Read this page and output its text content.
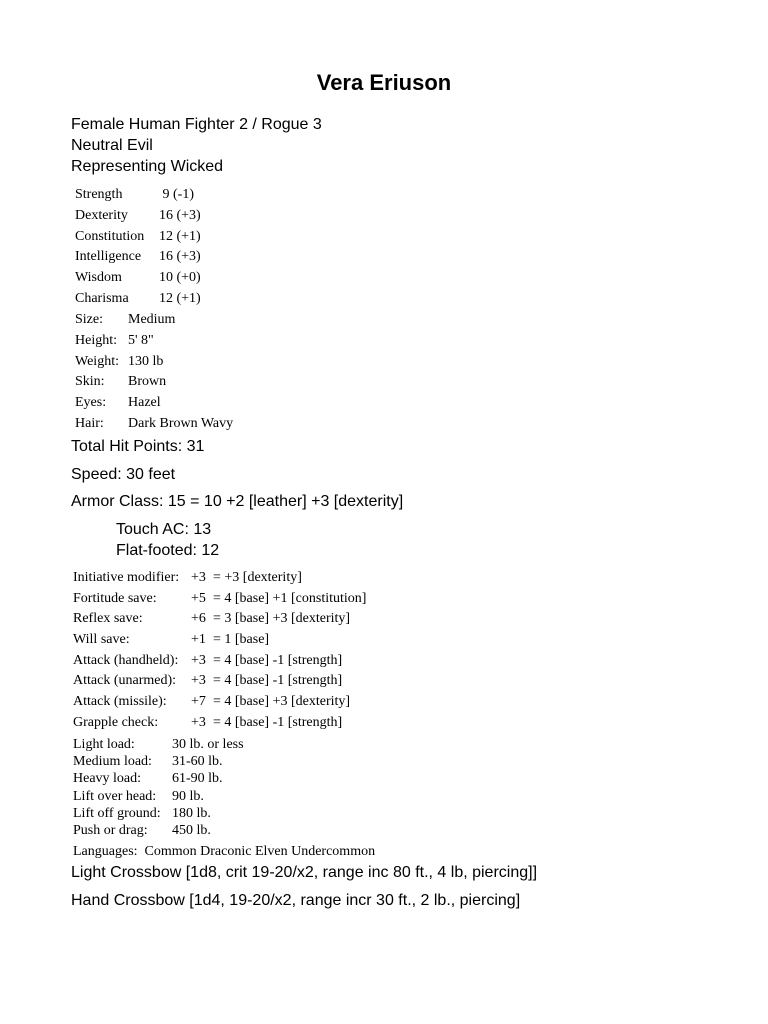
Vera Eriuson
Female Human Fighter 2 / Rogue 3
Neutral Evil
Representing Wicked
Strength	9 (-1)
Dexterity 16 (+3)
Constitution 12 (+1)
Intelligence 16 (+3)
Wisdom	10 (+0)
Charisma 12 (+1)
Size: Medium
Height: 5' 8"
Weight: 130 lb
Skin: Brown
Eyes: Hazel
Hair: Dark Brown Wavy
Total Hit Points: 31
Speed: 30 feet
Armor Class: 15 = 10 +2 [leather] +3 [dexterity]
Touch AC: 13
Flat-footed: 12
Initiative modifier: +3 = +3 [dexterity]
Fortitude save: +5 = 4 [base] +1 [constitution]
Reflex save:	+6 = 3 [base] +3 [dexterity]
Will save:	+1 = 1 [base]
Attack (handheld): +3 = 4 [base] -1 [strength]
Attack (unarmed): +3 = 4 [base] -1 [strength]
Attack (missile): +7 = 4 [base] +3 [dexterity]
Grapple check: +3 = 4 [base] -1 [strength]
Light load:	30 lb. or less
Medium load: 31-60 lb.
Heavy load: 61-90 lb.
Lift over head: 90 lb.
Lift off ground: 180 lb.
Push or drag: 450 lb.
Languages:  Common Draconic Elven Undercommon
Light Crossbow [1d8, crit 19-20/x2, range inc 80 ft., 4 lb, piercing]]
Hand Crossbow [1d4, 19-20/x2, range incr 30 ft., 2 lb., piercing]
